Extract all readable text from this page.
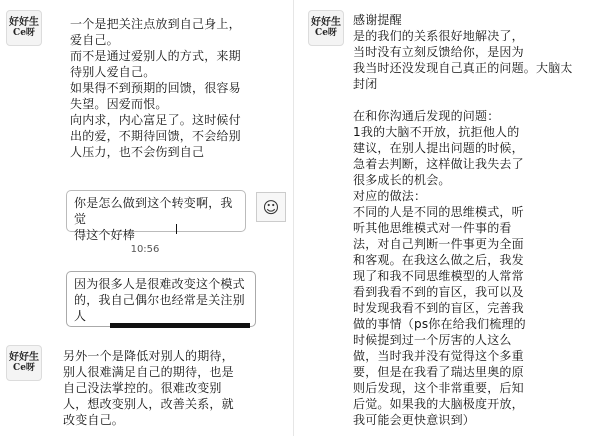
好好生
Ce呀
一个是把关注点放到自己身上，
爱自己。
而不是通过爱别人的方式，来期
待别人爱自己。
如果得不到预期的回馈，很容易
失望。因爱而恨。
向内求，内心富足了。这时候付
出的爱，不期待回馈，不会给别
人压力，也不会伤到自己
你是怎么做到这个转变啊，我觉
得这个好棒
☺
10:56
因为很多人是很难改变这个模式
的，我自己偶尔也经常是关注别
人
好好生
Ce呀
另外一个是降低对别人的期待，
别人很难满足自己的期待，也是
自己没法掌控的。很难改变别
人，想改变别人，改善关系，就
改变自己。
好好生
Ce呀
感谢提醒
是的我们的关系很好地解决了，
当时没有立刻反馈给你，是因为
我当时还没发现自己真正的问题。大脑太封闭

在和你沟通后发现的问题：
1我的大脑不开放，抗拒他人的
建议，在别人提出问题的时候，
急着去判断，这样做让我失去了
很多成长的机会。
对应的做法：
不同的人是不同的思维模式，听
听其他思维模式对一件事的看
法，对自己判断一件事更为全面
和客观。在我这么做之后，我发
现了和我不同思维模型的人常常
看到我看不到的盲区，我可以及
时发现我看不到的盲区，完善我
做的事情（ps你在给我们梳理的
时候提到过一个厉害的人这么
做，当时我并没有觉得这个多重
要，但是在我看了瑞达里奥的原
则后发现，这个非常重要，后知
后觉。如果我的大脑极度开放，
我可能会更快意识到）
